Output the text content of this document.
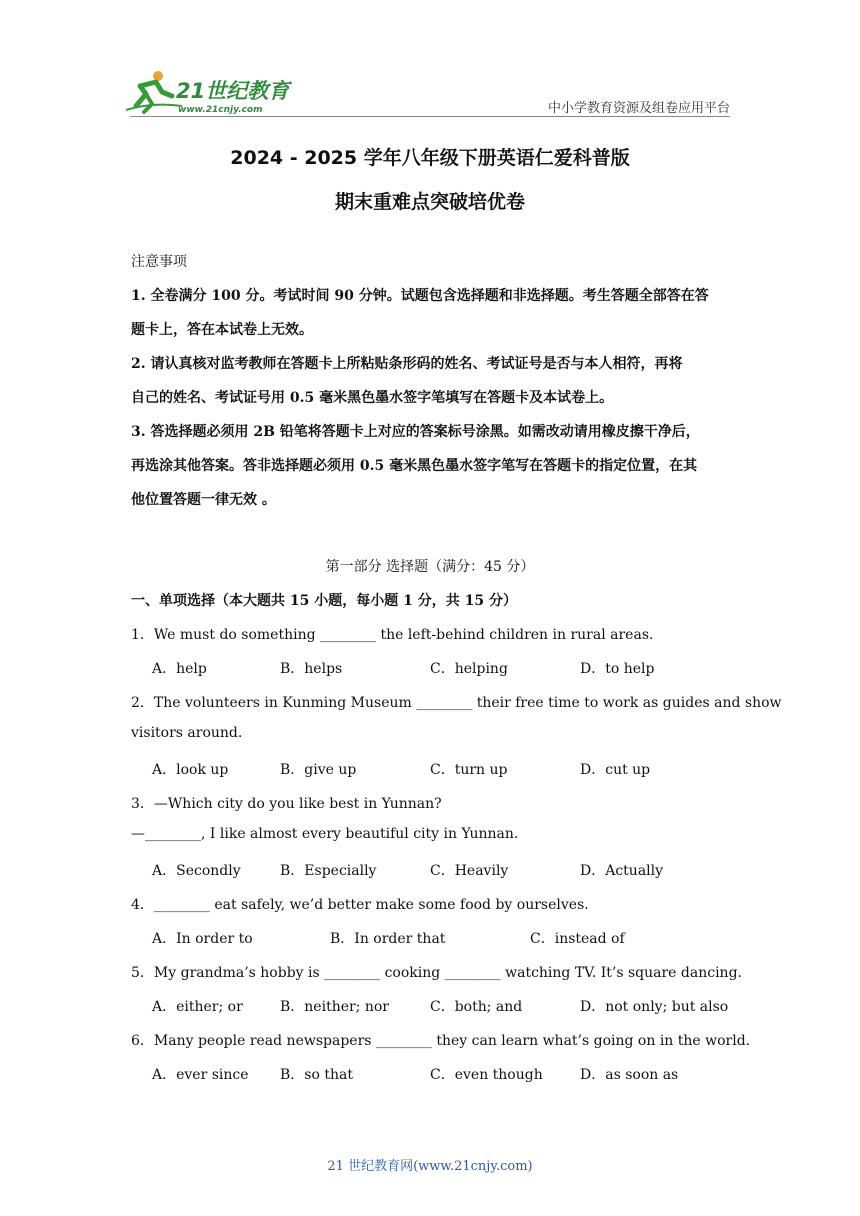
21世纪教育
www.21cnjy.com	中小学教育资源及组卷应用平台
2024 - 2025 学年八年级下册英语仁爱科普版
期末重难点突破培优卷
注意事项
1. 全卷满分 100 分。考试时间 90 分钟。试题包含选择题和非选择题。考生答题全部答在答
题卡上，答在本试卷上无效。
2. 请认真核对监考教师在答题卡上所粘贴条形码的姓名、考试证号是否与本人相符，再将
自己的姓名、考试证号用 0.5 毫米黑色墨水签字笔填写在答题卡及本试卷上。
3. 答选择题必须用 2B 铅笔将答题卡上对应的答案标号涂黑。如需改动请用橡皮擦干净后，
再选涂其他答案。答非选择题必须用 0.5 毫米黑色墨水签字笔写在答题卡的指定位置，在其
他位置答题一律无效 。
第一部分 选择题（满分：45 分）
一、单项选择（本大题共 15 小题，每小题 1 分，共 15 分）
1．We must do something ________ the left-behind children in rural areas.
A．help	B．helps	C．helping	D．to help
2．The volunteers in Kunming Museum ________ their free time to work as guides and show
visitors around.
A．look up	B．give up	C．turn up	D．cut up
3．—Which city do you like best in Yunnan?
—________, I like almost every beautiful city in Yunnan.
A．Secondly	B．Especially	C．Heavily	D．Actually
4．________ eat safely, we’d better make some food by ourselves.
A．In order to	B．In order that	C．instead of
5．My grandma’s hobby is ________ cooking ________ watching TV. It’s square dancing.
A．either; or	B．neither; nor	C．both; and	D．not only; but also
6．Many people read newspapers ________ they can learn what’s going on in the world.
A．ever since B．so that	C．even though	D．as soon as
21 世纪教育网(www.21cnjy.com)
